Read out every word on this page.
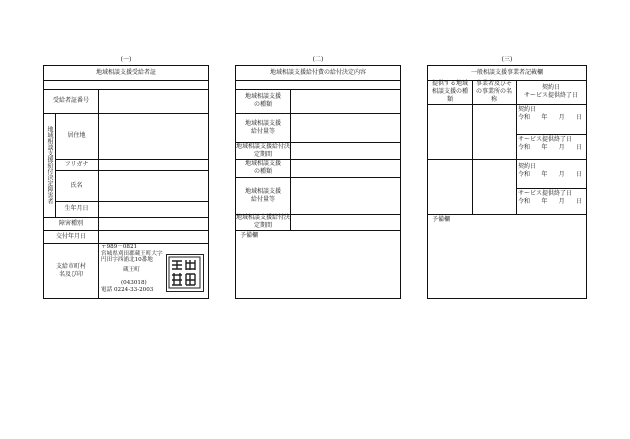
(一)
地域相談支援受給者証
受給者証番号
地域相談支援給付決定障害者	居住地
フリガナ
氏名
生年月日
障害種別
交付年月日
支給市町村名及び印
〒989－0821
宮城県刈田郡蔵王町大字
円田字西浦北10番地
蔵王町
(043018)
電話 0224-33-2003
(二)
地域相談支援給付費の給付決定内容
地域相談支援の種類
地域相談支援給付量等
地域相談支援給付決定期間
地域相談支援の種類
地域相談支援給付量等
地域相談支援給付決定期間
予備欄
(三)
一般相談支援事業者記載欄
提供する地域相談支援の種類
事業者及びその事業所の名称
契約日
サービス提供終了日
契約日
令和 年 月 日
サービス提供終了日
令和 年 月 日
契約日
令和 年 月 日
サービス提供終了日
令和 年 月 日
予備欄
